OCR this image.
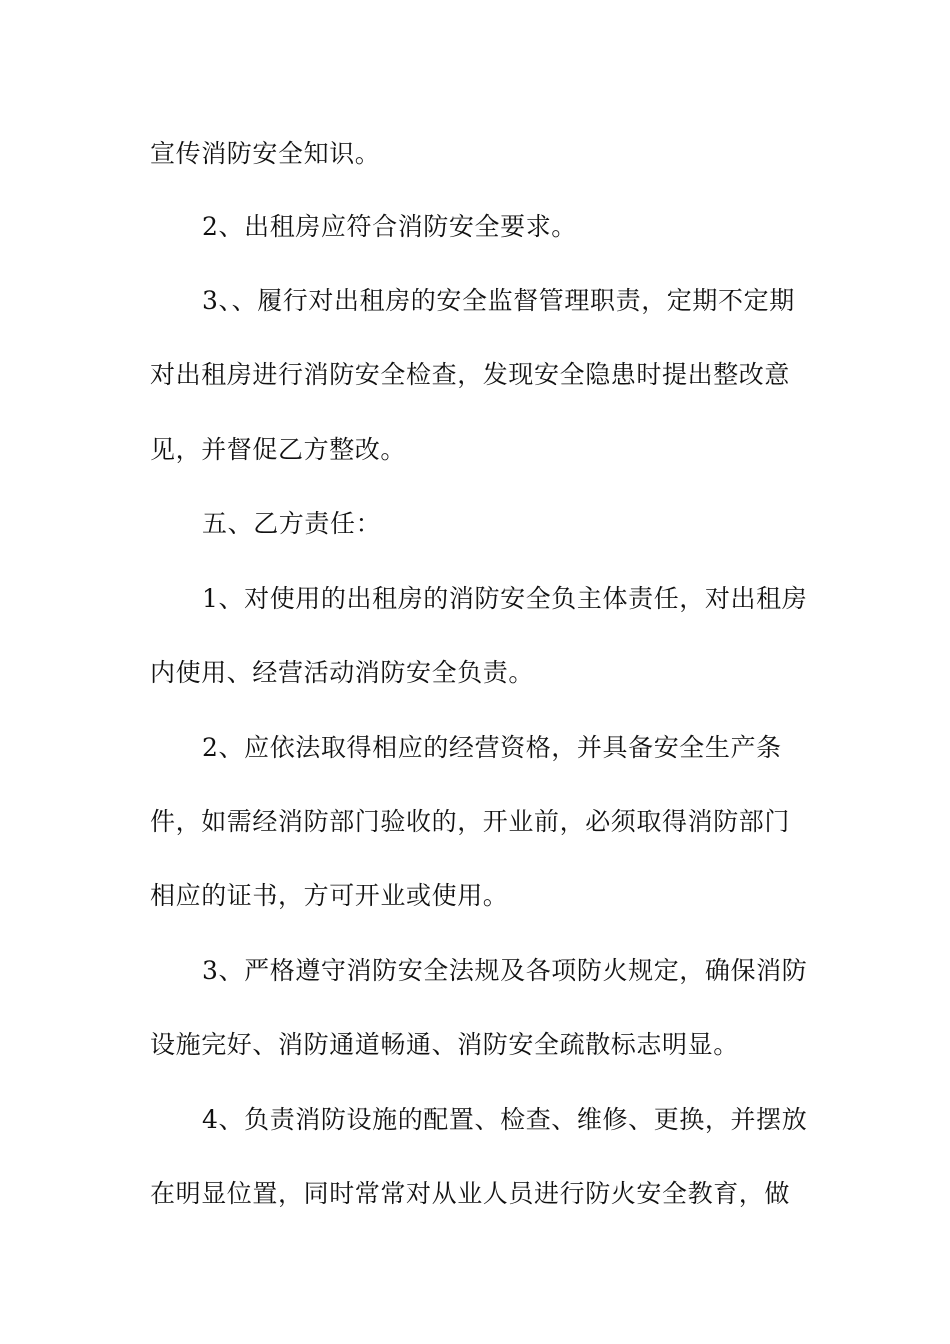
宣传消防安全知识。
2、出租房应符合消防安全要求。
3、、履行对出租房的安全监督管理职责，定期不定期
对出租房进行消防安全检查，发现安全隐患时提出整改意
见，并督促乙方整改。
五、乙方责任：
1、对使用的出租房的消防安全负主体责任，对出租房
内使用、经营活动消防安全负责。
2、应依法取得相应的经营资格，并具备安全生产条
件，如需经消防部门验收的，开业前，必须取得消防部门
相应的证书，方可开业或使用。
3、严格遵守消防安全法规及各项防火规定，确保消防
设施完好、消防通道畅通、消防安全疏散标志明显。
4、负责消防设施的配置、检查、维修、更换，并摆放
在明显位置，同时常常对从业人员进行防火安全教育，做
